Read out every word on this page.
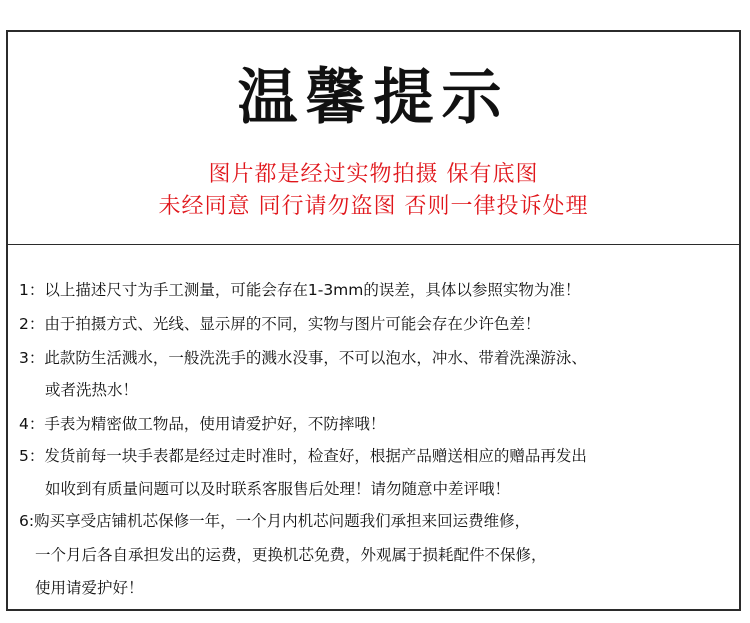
温馨提示
图片都是经过实物拍摄 保有底图
未经同意 同行请勿盗图 否则一律投诉处理
1：以上描述尺寸为手工测量，可能会存在1-3mm的误差，具体以参照实物为准！
2：由于拍摄方式、光线、显示屏的不同，实物与图片可能会存在少许色差！
3：此款防生活溅水，一般洗洗手的溅水没事，不可以泡水，冲水、带着洗澡游泳、
或者洗热水！
4：手表为精密做工物品，使用请爱护好，不防摔哦！
5：发货前每一块手表都是经过走时准时，检查好，根据产品赠送相应的赠品再发出
如收到有质量问题可以及时联系客服售后处理！请勿随意中差评哦！
6:购买享受店铺机芯保修一年，一个月内机芯问题我们承担来回运费维修，
一个月后各自承担发出的运费，更换机芯免费，外观属于损耗配件不保修，
使用请爱护好！
